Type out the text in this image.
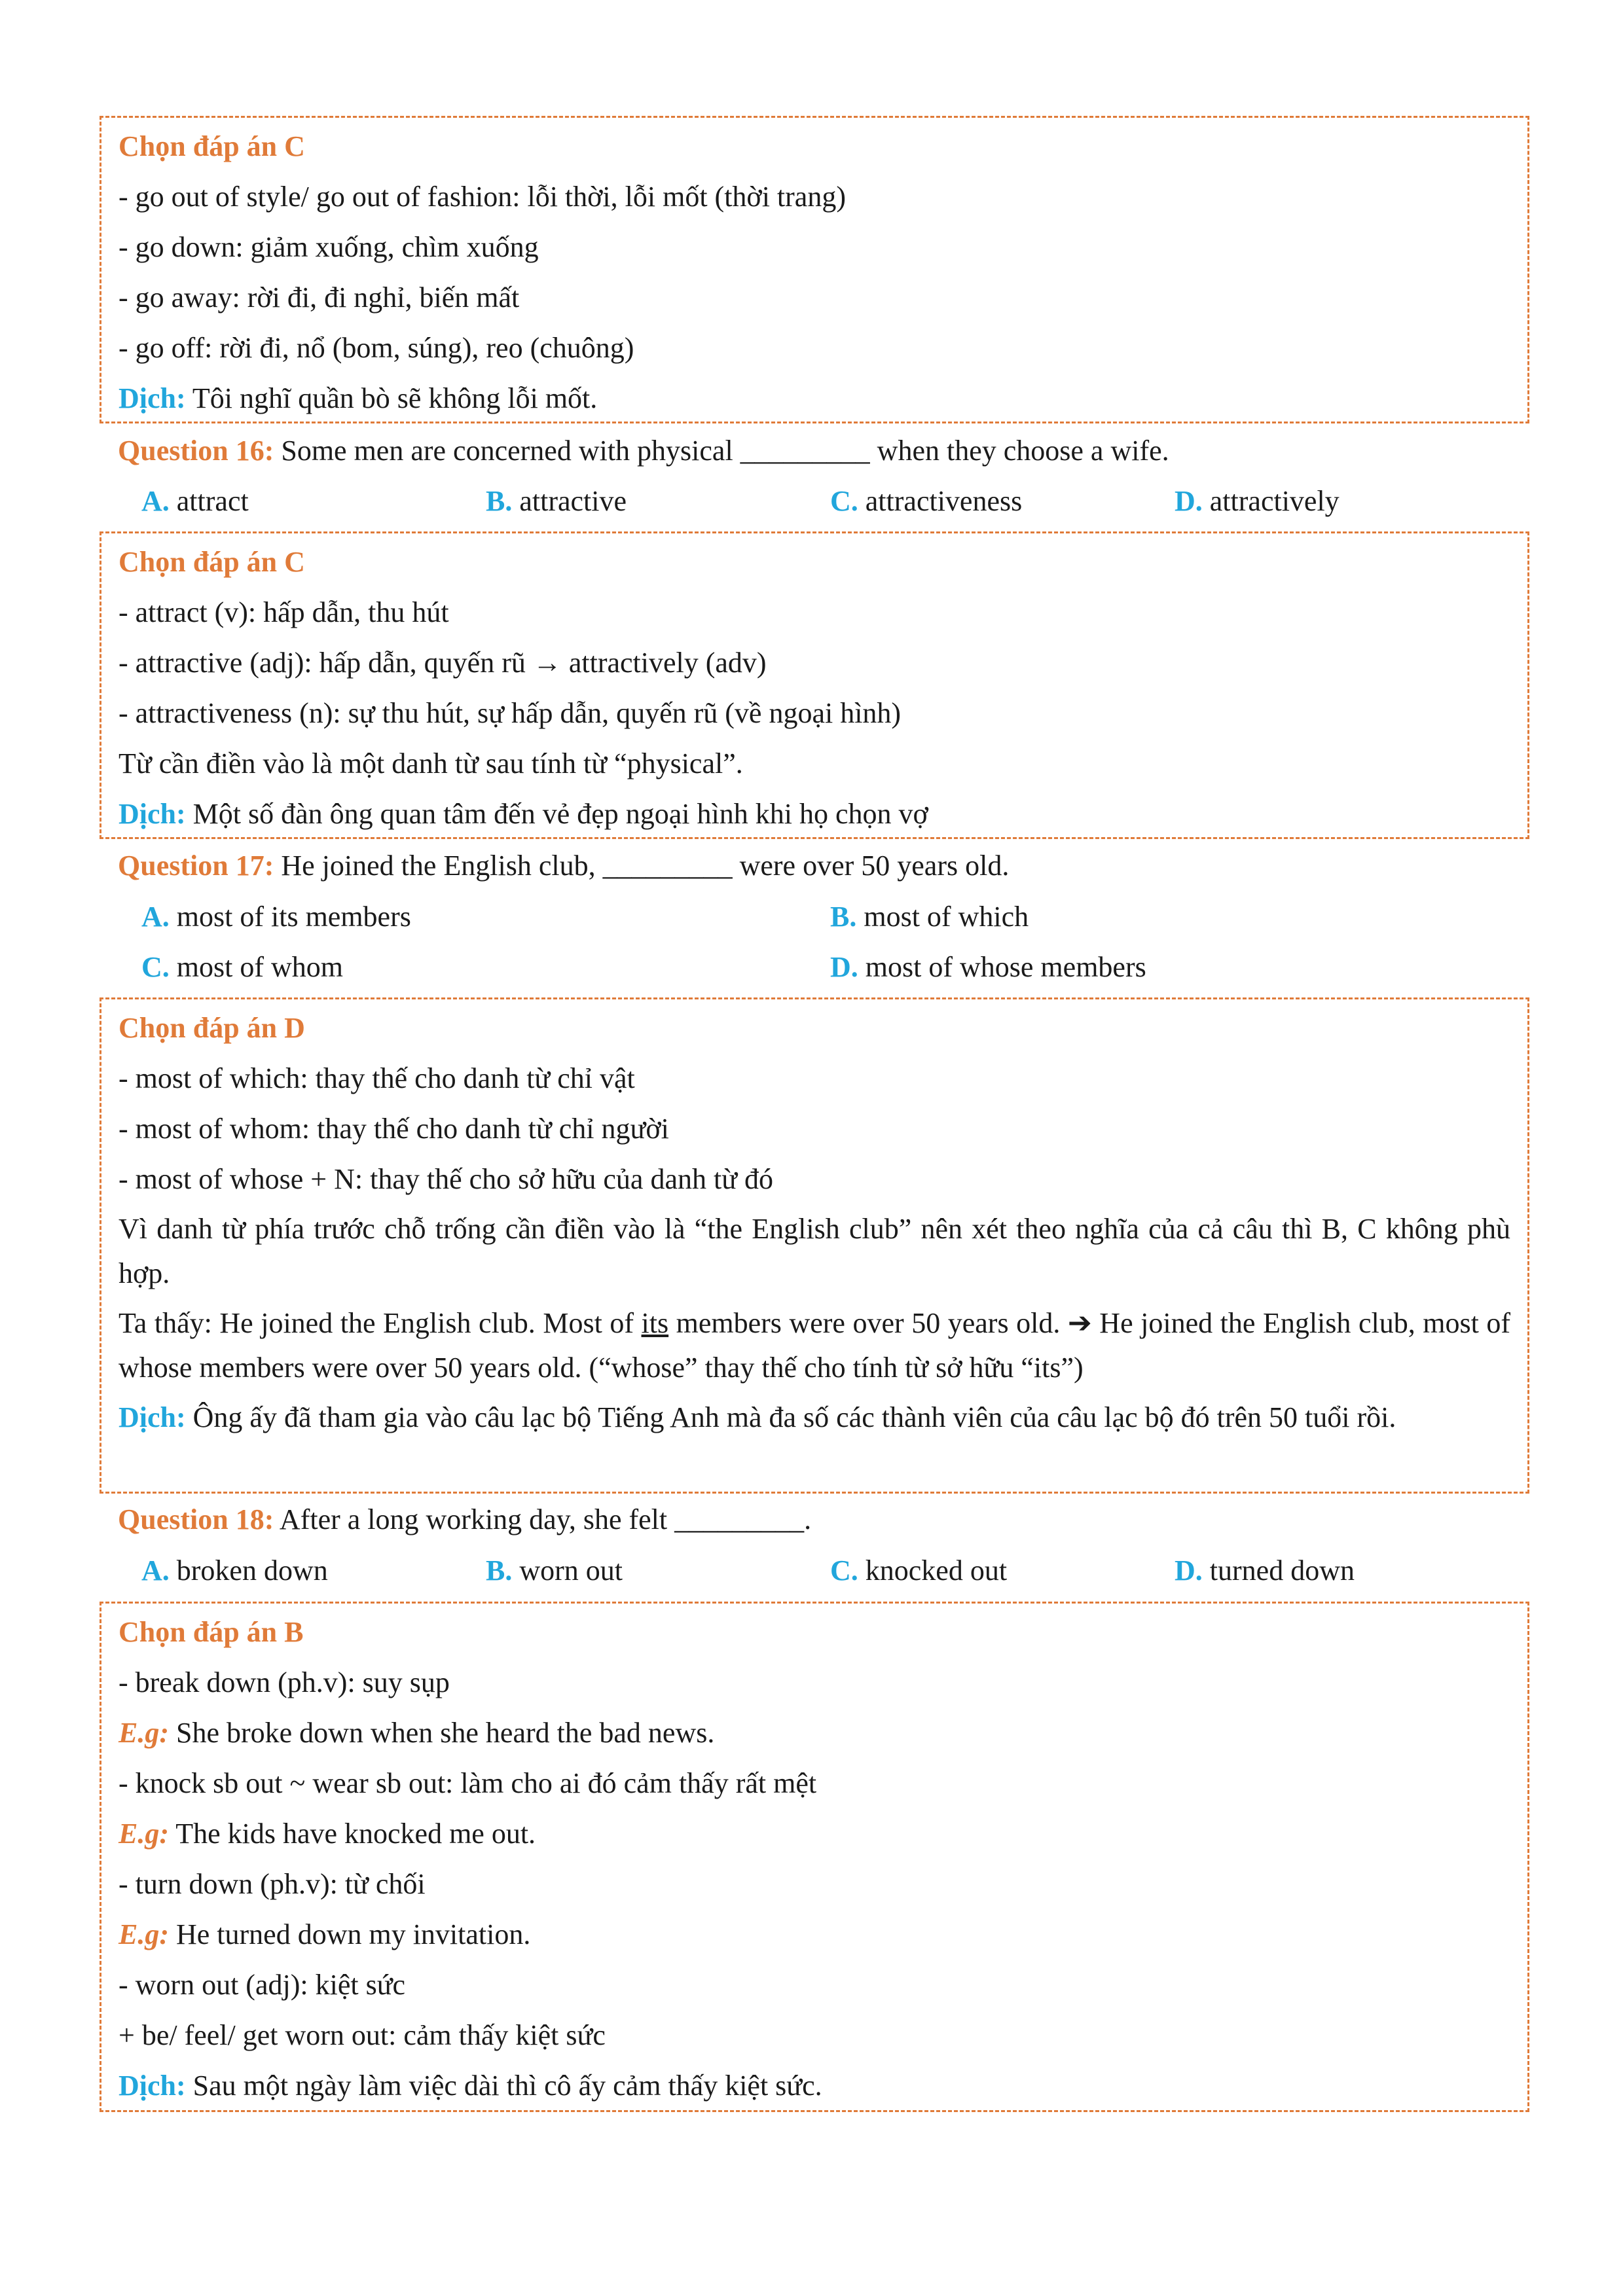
Chọn đáp án C
- go out of style/ go out of fashion: lỗi thời, lỗi mốt (thời trang)
- go down: giảm xuống, chìm xuống
- go away: rời đi, đi nghỉ, biến mất
- go off: rời đi, nổ (bom, súng), reo (chuông)
Dịch: Tôi nghĩ quần bò sẽ không lỗi mốt.
Question 16: Some men are concerned with physical _________ when they choose a wife.
A. attract	B. attractive	C. attractiveness	D. attractively
Chọn đáp án C
- attract (v): hấp dẫn, thu hút
- attractive (adj): hấp dẫn, quyến rũ → attractively (adv)
- attractiveness (n): sự thu hút, sự hấp dẫn, quyến rũ (về ngoại hình)
Từ cần điền vào là một danh từ sau tính từ “physical”.
Dịch: Một số đàn ông quan tâm đến vẻ đẹp ngoại hình khi họ chọn vợ
Question 17: He joined the English club, _________ were over 50 years old.
A. most of its members	B. most of which
C. most of whom	D. most of whose members
Chọn đáp án D
- most of which: thay thế cho danh từ chỉ vật
- most of whom: thay thế cho danh từ chỉ người
- most of whose + N: thay thế cho sở hữu của danh từ đó
Vì danh từ phía trước chỗ trống cần điền vào là “the English club” nên xét theo nghĩa của cả câu thì B, C không phù hợp.
Ta thấy: He joined the English club. Most of its members were over 50 years old. ➔ He joined the English club, most of whose members were over 50 years old. (“whose” thay thế cho tính từ sở hữu “its”)
Dịch: Ông ấy đã tham gia vào câu lạc bộ Tiếng Anh mà đa số các thành viên của câu lạc bộ đó trên 50 tuổi rồi.
Question 18: After a long working day, she felt _________.
A. broken down	B. worn out	C. knocked out	D. turned down
Chọn đáp án B
- break down (ph.v): suy sụp
E.g: She broke down when she heard the bad news.
- knock sb out ~ wear sb out: làm cho ai đó cảm thấy rất mệt
E.g: The kids have knocked me out.
- turn down (ph.v): từ chối
E.g: He turned down my invitation.
- worn out (adj): kiệt sức
+ be/ feel/ get worn out: cảm thấy kiệt sức
Dịch: Sau một ngày làm việc dài thì cô ấy cảm thấy kiệt sức.
